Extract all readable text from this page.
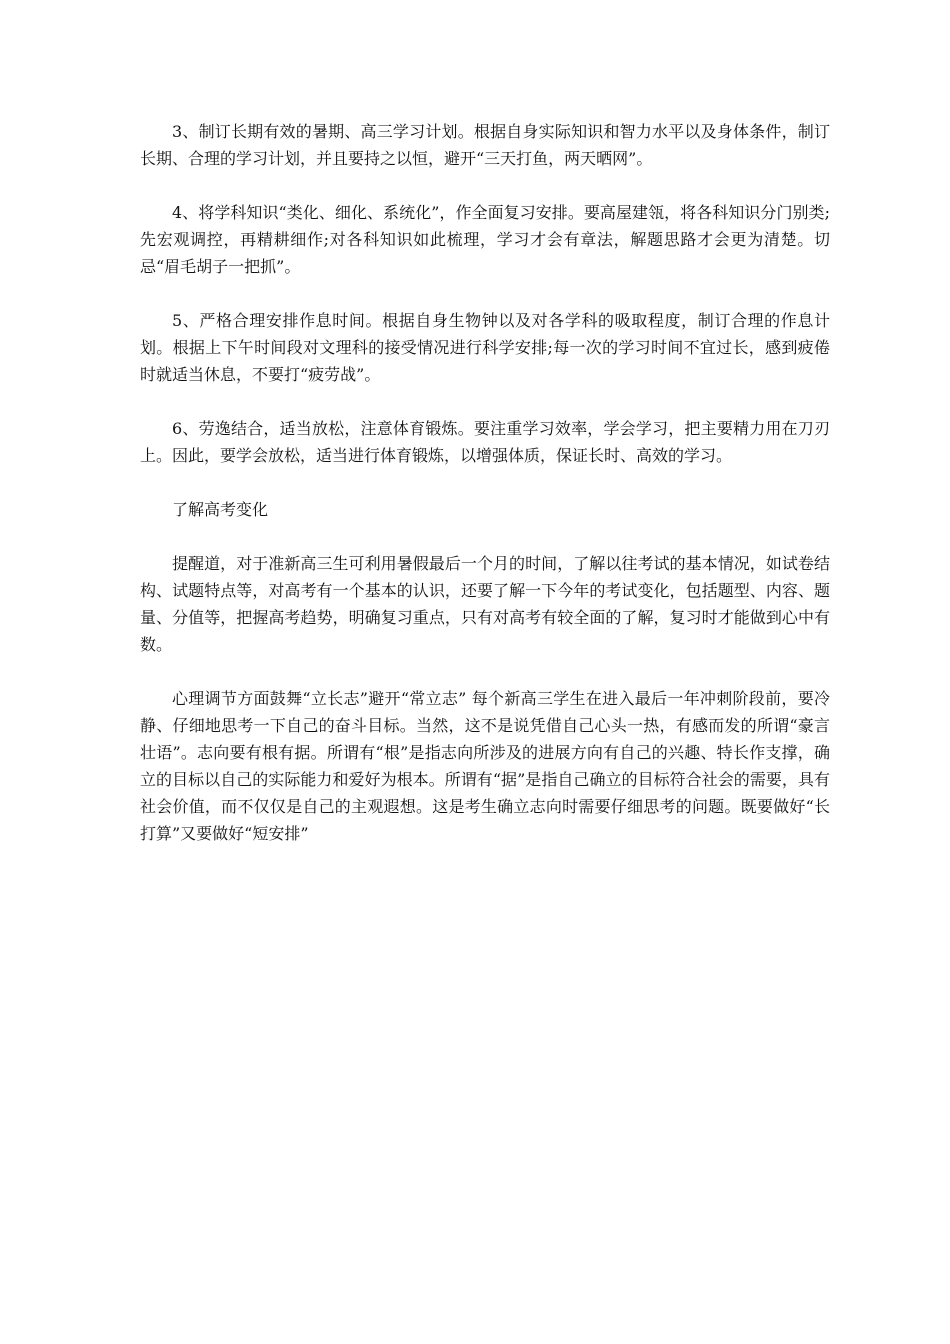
3、制订长期有效的暑期、高三学习计划。根据自身实际知识和智力水平以及身体条件，制订长期、合理的学习计划，并且要持之以恒，避开“三天打鱼，两天晒网”。

4、将学科知识“类化、细化、系统化”，作全面复习安排。要高屋建瓴，将各科知识分门别类;先宏观调控，再精耕细作;对各科知识如此梳理，学习才会有章法，解题思路才会更为清楚。切忌“眉毛胡子一把抓”。

5、严格合理安排作息时间。根据自身生物钟以及对各学科的吸取程度，制订合理的作息计划。根据上下午时间段对文理科的接受情况进行科学安排;每一次的学习时间不宜过长，感到疲倦时就适当休息，不要打“疲劳战”。

6、劳逸结合，适当放松，注意体育锻炼。要注重学习效率，学会学习，把主要精力用在刀刃上。因此，要学会放松，适当进行体育锻炼，以增强体质，保证长时、高效的学习。

了解高考变化

提醒道，对于准新高三生可利用暑假最后一个月的时间，了解以往考试的基本情况，如试卷结构、试题特点等，对高考有一个基本的认识，还要了解一下今年的考试变化，包括题型、内容、题量、分值等，把握高考趋势，明确复习重点，只有对高考有较全面的了解，复习时才能做到心中有数。

心理调节方面鼓舞“立长志”避开“常立志” 每个新高三学生在进入最后一年冲刺阶段前，要冷静、仔细地思考一下自己的奋斗目标。当然，这不是说凭借自己心头一热，有感而发的所谓“豪言壮语”。志向要有根有据。所谓有“根”是指志向所涉及的进展方向有自己的兴趣、特长作支撑，确立的目标以自己的实际能力和爱好为根本。所谓有“据”是指自己确立的目标符合社会的需要，具有社会价值，而不仅仅是自己的主观遐想。这是考生确立志向时需要仔细思考的问题。既要做好“长打算”又要做好“短安排”
